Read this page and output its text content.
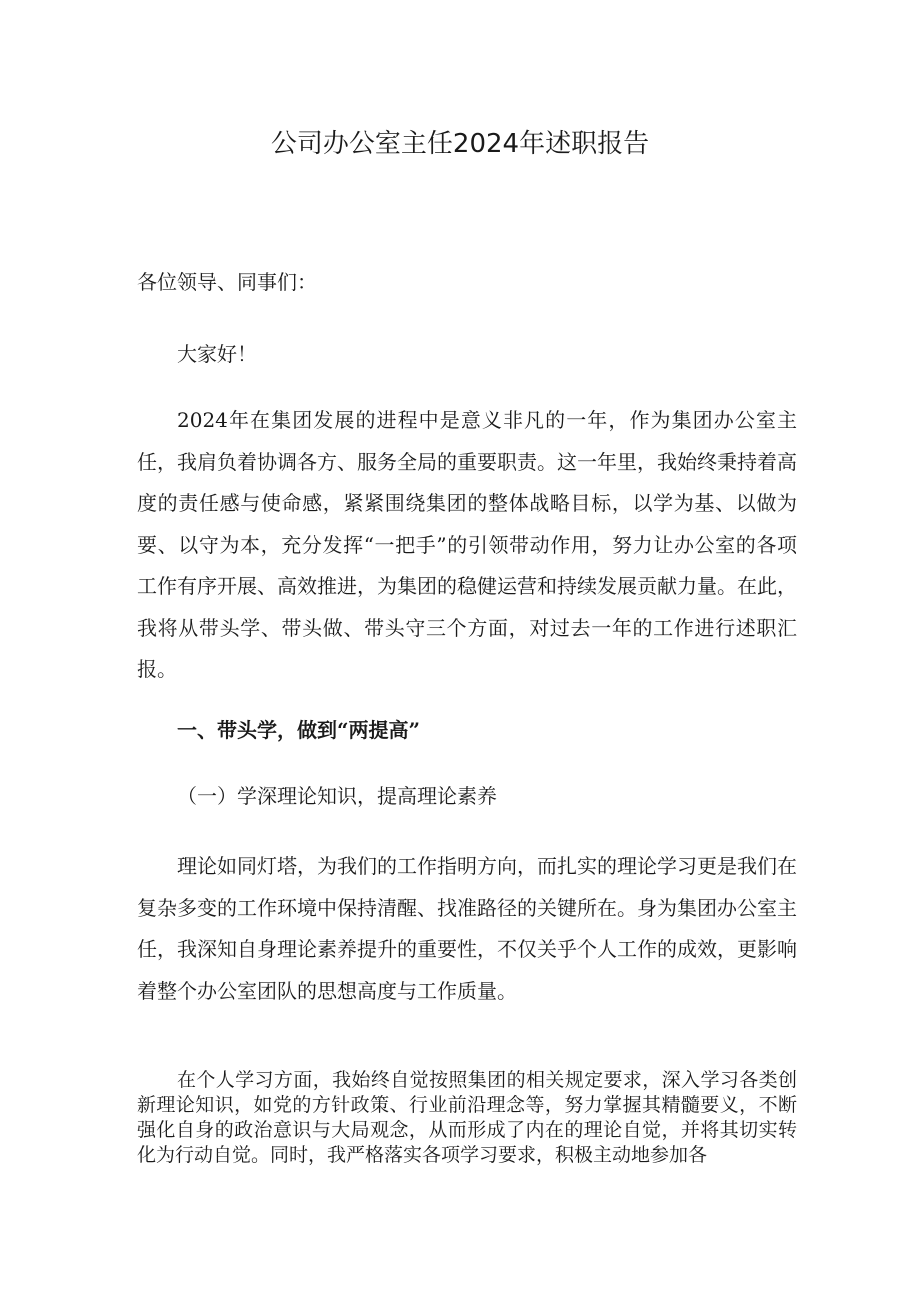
公司办公室主任2024年述职报告
各位领导、同事们：
大家好！
2024年在集团发展的进程中是意义非凡的一年，作为集团办公室主任，我肩负着协调各方、服务全局的重要职责。这一年里，我始终秉持着高度的责任感与使命感，紧紧围绕集团的整体战略目标，以学为基、以做为要、以守为本，充分发挥“一把手”的引领带动作用，努力让办公室的各项工作有序开展、高效推进，为集团的稳健运营和持续发展贡献力量。在此，我将从带头学、带头做、带头守三个方面，对过去一年的工作进行述职汇报。
一、带头学，做到“两提高”
（一）学深理论知识，提高理论素养
理论如同灯塔，为我们的工作指明方向，而扎实的理论学习更是我们在复杂多变的工作环境中保持清醒、找准路径的关键所在。身为集团办公室主任，我深知自身理论素养提升的重要性，不仅关乎个人工作的成效，更影响着整个办公室团队的思想高度与工作质量。
在个人学习方面，我始终自觉按照集团的相关规定要求，深入学习各类创新理论知识，如党的方针政策、行业前沿理念等，努力掌握其精髓要义，不断强化自身的政治意识与大局观念，从而形成了内在的理论自觉，并将其切实转化为行动自觉。同时，我严格落实各项学习要求，积极主动地参加各
